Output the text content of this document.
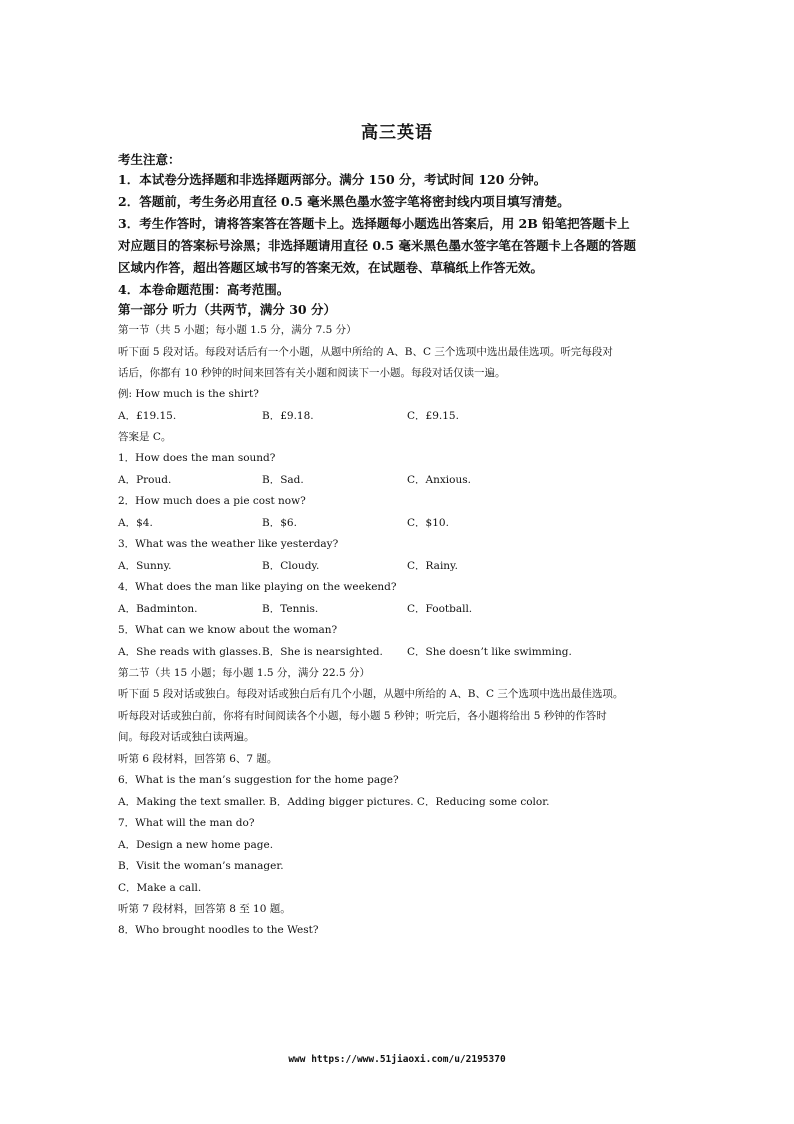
高三英语
考生注意：
1．本试卷分选择题和非选择题两部分。满分 150 分，考试时间 120 分钟。
2．答题前，考生务必用直径 0.5 毫米黑色墨水签字笔将密封线内项目填写清楚。
3．考生作答时，请将答案答在答题卡上。选择题每小题选出答案后，用 2B 铅笔把答题卡上
对应题目的答案标号涂黑；非选择题请用直径 0.5 毫米黑色墨水签字笔在答题卡上各题的答题
区域内作答，超出答题区域书写的答案无效，在试题卷、草稿纸上作答无效。
4．本卷命题范围：高考范围。
第一部分 听力（共两节，满分 30 分）
第一节（共 5 小题；每小题 1.5 分，满分 7.5 分）
听下面 5 段对话。每段对话后有一个小题，从题中所给的 A、B、C 三个选项中选出最佳选项。听完每段对
话后，你都有 10 秒钟的时间来回答有关小题和阅读下一小题。每段对话仅读一遍。
例: How much is the shirt?
A．£19.15.	B．£9.18.	C．£9.15.
答案是 C。
1．How does the man sound?
A．Proud.	B．Sad.	C．Anxious.
2．How much does a pie cost now?
A．$4.	B．$6.	C．$10.
3．What was the weather like yesterday?
A．Sunny.	B．Cloudy.	C．Rainy.
4．What does the man like playing on the weekend?
A．Badminton.	B．Tennis.	C．Football.
5．What can we know about the woman?
A．She reads with glasses. B．She is nearsighted. C．She doesn’t like swimming.
第二节（共 15 小题；每小题 1.5 分，满分 22.5 分）
听下面 5 段对话或独白。每段对话或独白后有几个小题，从题中所给的 A、B、C 三个选项中选出最佳选项。
听每段对话或独白前，你将有时间阅读各个小题，每小题 5 秒钟；听完后，各小题将给出 5 秒钟的作答时
间。每段对话或独白读两遍。
听第 6 段材料，回答第 6、7 题。
6．What is the man’s suggestion for the home page?
A．Making the text smaller. B．Adding bigger pictures. C．Reducing some color.
7．What will the man do?
A．Design a new home page.
B．Visit the woman’s manager.
C．Make a call.
听第 7 段材料，回答第 8 至 10 题。
8．Who brought noodles to the West?
www https://www.51jiaoxi.com/u/2195370
